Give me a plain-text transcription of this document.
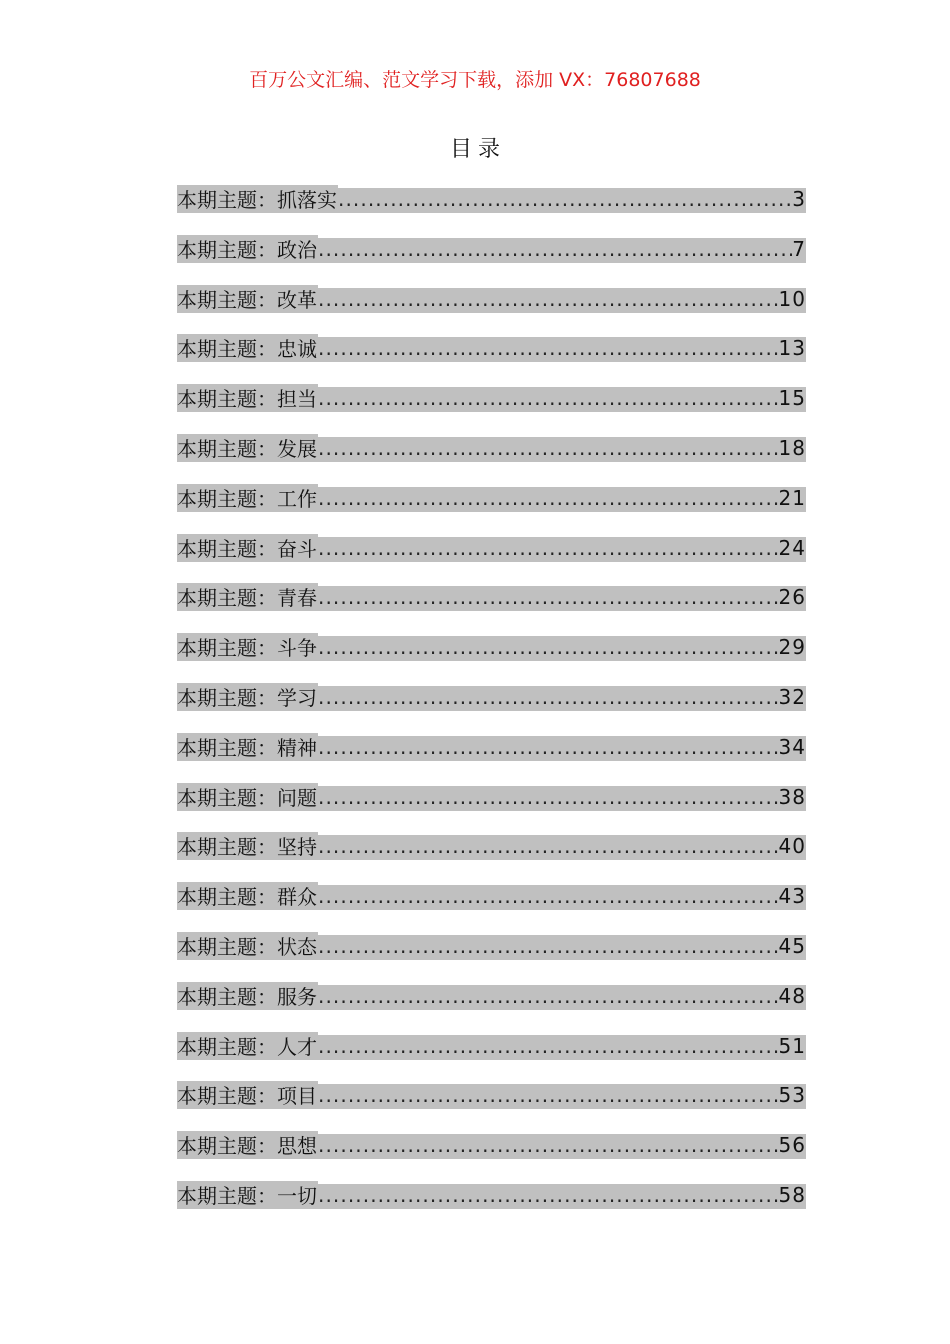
百万公文汇编、范文学习下载，添加 VX：76807688
目录
本期主题：抓落实 .....	3
本期主题：政治 .....	7
本期主题：改革 .....	10
本期主题：忠诚 .....	13
本期主题：担当 .....	15
本期主题：发展 .....	18
本期主题：工作 .....	21
本期主题：奋斗 .....	24
本期主题：青春 .....	26
本期主题：斗争 .....	29
本期主题：学习 .....	32
本期主题：精神 .....	34
本期主题：问题 .....	38
本期主题：坚持 .....	40
本期主题：群众 .....	43
本期主题：状态 .....	45
本期主题：服务 .....	48
本期主题：人才 .....	51
本期主题：项目 .....	53
本期主题：思想 .....	56
本期主题：一切 .....	58
